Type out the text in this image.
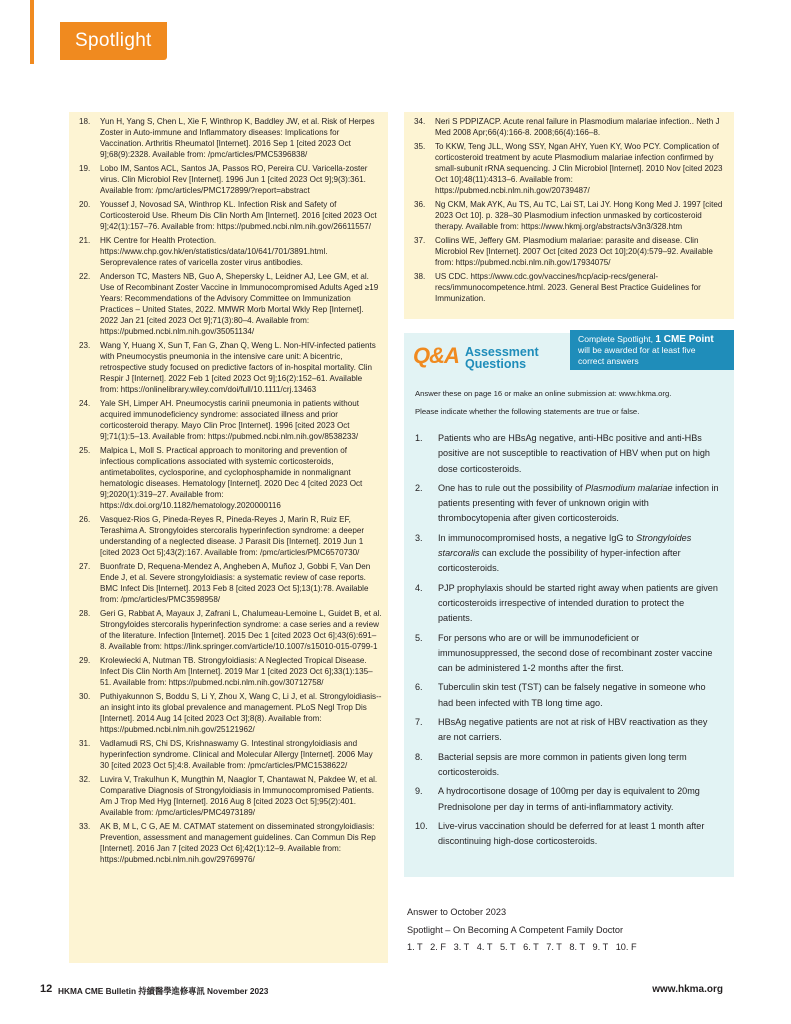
Spotlight
18. Yun H, Yang S, Chen L, Xie F, Winthrop K, Baddley JW, et al. Risk of Herpes Zoster in Auto-immune and Inflammatory diseases: Implications for Vaccination. Arthritis Rheumatol [Internet]. 2016 Sep 1 [cited 2023 Oct 9];68(9):2328. Available from: /pmc/articles/PMC5396838/
19. Lobo IM, Santos ACL, Santos JA, Passos RO, Pereira CU. Varicella-zoster virus. Clin Microbiol Rev [Internet]. 1996 Jun 1 [cited 2023 Oct 9];9(3):361. Available from: /pmc/articles/PMC172899/?report=abstract
20. Youssef J, Novosad SA, Winthrop KL. Infection Risk and Safety of Corticosteroid Use. Rheum Dis Clin North Am [Internet]. 2016 [cited 2023 Oct 9];42(1):157–76. Available from: https://pubmed.ncbi.nlm.nih.gov/26611557/
21. HK Centre for Health Protection. https://www.chp.gov.hk/en/statistics/data/10/641/701/3891.html. Seroprevalence rates of varicella zoster virus antibodies.
22. Anderson TC, Masters NB, Guo A, Shepersky L, Leidner AJ, Lee GM, et al. Use of Recombinant Zoster Vaccine in Immunocompromised Adults Aged ≥19 Years: Recommendations of the Advisory Committee on Immunization Practices – United States, 2022. MMWR Morb Mortal Wkly Rep [Internet]. 2022 Jan 21 [cited 2023 Oct 9];71(3):80–4. Available from: https://pubmed.ncbi.nlm.nih.gov/35051134/
23. Wang Y, Huang X, Sun T, Fan G, Zhan Q, Weng L. Non-HIV-infected patients with Pneumocystis pneumonia in the intensive care unit: A bicentric, retrospective study focused on predictive factors of in-hospital mortality. Clin Respir J [Internet]. 2022 Feb 1 [cited 2023 Oct 9];16(2):152–61. Available from: https://onlinelibrary.wiley.com/doi/full/10.1111/crj.13463
24. Yale SH, Limper AH. Pneumocystis carinii pneumonia in patients without acquired immunodeficiency syndrome: associated illness and prior corticosteroid therapy. Mayo Clin Proc [Internet]. 1996 [cited 2023 Oct 9];71(1):5–13. Available from: https://pubmed.ncbi.nlm.nih.gov/8538233/
25. Malpica L, Moll S. Practical approach to monitoring and prevention of infectious complications associated with systemic corticosteroids, antimetabolites, cyclosporine, and cyclophosphamide in nonmalignant hematologic diseases. Hematology [Internet]. 2020 Dec 4 [cited 2023 Oct 9];2020(1):319–27. Available from: https://dx.doi.org/10.1182/hematology.2020000116
26. Vasquez-Rios G, Pineda-Reyes R, Pineda-Reyes J, Marin R, Ruiz EF, Terashima A. Strongyloides stercoralis hyperinfection syndrome: a deeper understanding of a neglected disease. J Parasit Dis [Internet]. 2019 Jun 1 [cited 2023 Oct 5];43(2):167. Available from: /pmc/articles/PMC6570730/
27. Buonfrate D, Requena-Mendez A, Angheben A, Muñoz J, Gobbi F, Van Den Ende J, et al. Severe strongyloidiasis: a systematic review of case reports. BMC Infect Dis [Internet]. 2013 Feb 8 [cited 2023 Oct 5];13(1):78. Available from: /pmc/articles/PMC3598958/
28. Geri G, Rabbat A, Mayaux J, Zafrani L, Chalumeau-Lemoine L, Guidet B, et al. Strongyloides stercoralis hyperinfection syndrome: a case series and a review of the literature. Infection [Internet]. 2015 Dec 1 [cited 2023 Oct 6];43(6):691–8. Available from: https://link.springer.com/article/10.1007/s15010-015-0799-1
29. Krolewiecki A, Nutman TB. Strongyloidiasis: A Neglected Tropical Disease. Infect Dis Clin North Am [Internet]. 2019 Mar 1 [cited 2023 Oct 6];33(1):135–51. Available from: https://pubmed.ncbi.nlm.nih.gov/30712758/
30. Puthiyakunnon S, Boddu S, Li Y, Zhou X, Wang C, Li J, et al. Strongyloidiasis--an insight into its global prevalence and management. PLoS Negl Trop Dis [Internet]. 2014 Aug 14 [cited 2023 Oct 3];8(8). Available from: https://pubmed.ncbi.nlm.nih.gov/25121962/
31. Vadlamudi RS, Chi DS, Krishnaswamy G. Intestinal strongyloidiasis and hyperinfection syndrome. Clinical and Molecular Allergy [Internet]. 2006 May 30 [cited 2023 Oct 5];4:8. Available from: /pmc/articles/PMC1538622/
32. Luvira V, Trakulhun K, Mungthin M, Naaglor T, Chantawat N, Pakdee W, et al. Comparative Diagnosis of Strongyloidiasis in Immunocompromised Patients. Am J Trop Med Hyg [Internet]. 2016 Aug 8 [cited 2023 Oct 5];95(2):401. Available from: /pmc/articles/PMC4973189/
33. AK B, M L, C G, AE M. CATMAT statement on disseminated strongyloidiasis: Prevention, assessment and management guidelines. Can Commun Dis Rep [Internet]. 2016 Jan 7 [cited 2023 Oct 6];42(1):12–9. Available from: https://pubmed.ncbi.nlm.nih.gov/29769976/
34. Neri S PDPIZACP. Acute renal failure in Plasmodium malariae infection.. Neth J Med 2008 Apr;66(4):166-8. 2008;66(4):166–8.
35. To KKW, Teng JLL, Wong SSY, Ngan AHY, Yuen KY, Woo PCY. Complication of corticosteroid treatment by acute Plasmodium malariae infection confirmed by small-subunit rRNA sequencing. J Clin Microbiol [Internet]. 2010 Nov [cited 2023 Oct 10];48(11):4313–6. Available from: https://pubmed.ncbi.nlm.nih.gov/20739487/
36. Ng CKM, Mak AYK, Au TS, Au TC, Lai ST, Lai JY. Hong Kong Med J. 1997 [cited 2023 Oct 10]. p. 328–30 Plasmodium infection unmasked by corticosteroid therapy. Available from: https://www.hkmj.org/abstracts/v3n3/328.htm
37. Collins WE, Jeffery GM. Plasmodium malariae: parasite and disease. Clin Microbiol Rev [Internet]. 2007 Oct [cited 2023 Oct 10];20(4):579–92. Available from: https://pubmed.ncbi.nlm.nih.gov/17934075/
38. US CDC. https://www.cdc.gov/vaccines/hcp/acip-recs/general-recs/immunocompetence.html. 2023. General Best Practice Guidelines for Immunization.
Q&A Assessment
Questions
Answer these on page 16 or make an online submission at: www.hkma.org.
Please indicate whether the following statements are true or false.
1. Patients who are HBsAg negative, anti-HBc positive and anti-HBs positive are not susceptible to reactivation of HBV when put on high dose corticosteroids.
2. One has to rule out the possibility of Plasmodium malariae infection in patients presenting with fever of unknown origin with thrombocytopenia after given corticosteroids.
3. In immunocompromised hosts, a negative IgG to Strongyloides starcoralis can exclude the possibility of hyper-infection after corticosteroids.
4. PJP prophylaxis should be started right away when patients are given corticosteroids irrespective of intended duration to protect the patients.
5. For persons who are or will be immunodeficient or immunosuppressed, the second dose of recombinant zoster vaccine can be administered 1-2 months after the first.
6. Tuberculin skin test (TST) can be falsely negative in someone who had been infected with TB long time ago.
7. HBsAg negative patients are not at risk of HBV reactivation as they are not carriers.
8. Bacterial sepsis are more common in patients given long term corticosteroids.
9. A hydrocortisone dosage of 100mg per day is equivalent to 20mg Prednisolone per day in terms of anti-inflammatory activity.
10. Live-virus vaccination should be deferred for at least 1 month after discontinuing high-dose corticosteroids.
Complete Spotlight, 1 CME Point
will be awarded for at least five
correct answers
Answer to October 2023
Spotlight – On Becoming A Competent Family Doctor
1. T   2. F   3. T   4. T   5. T   6. T   7. T   8. T   9. T   10. F
12 HKMA CME Bulletin 持續醫學進修專訊 November 2023	www.hkma.org
